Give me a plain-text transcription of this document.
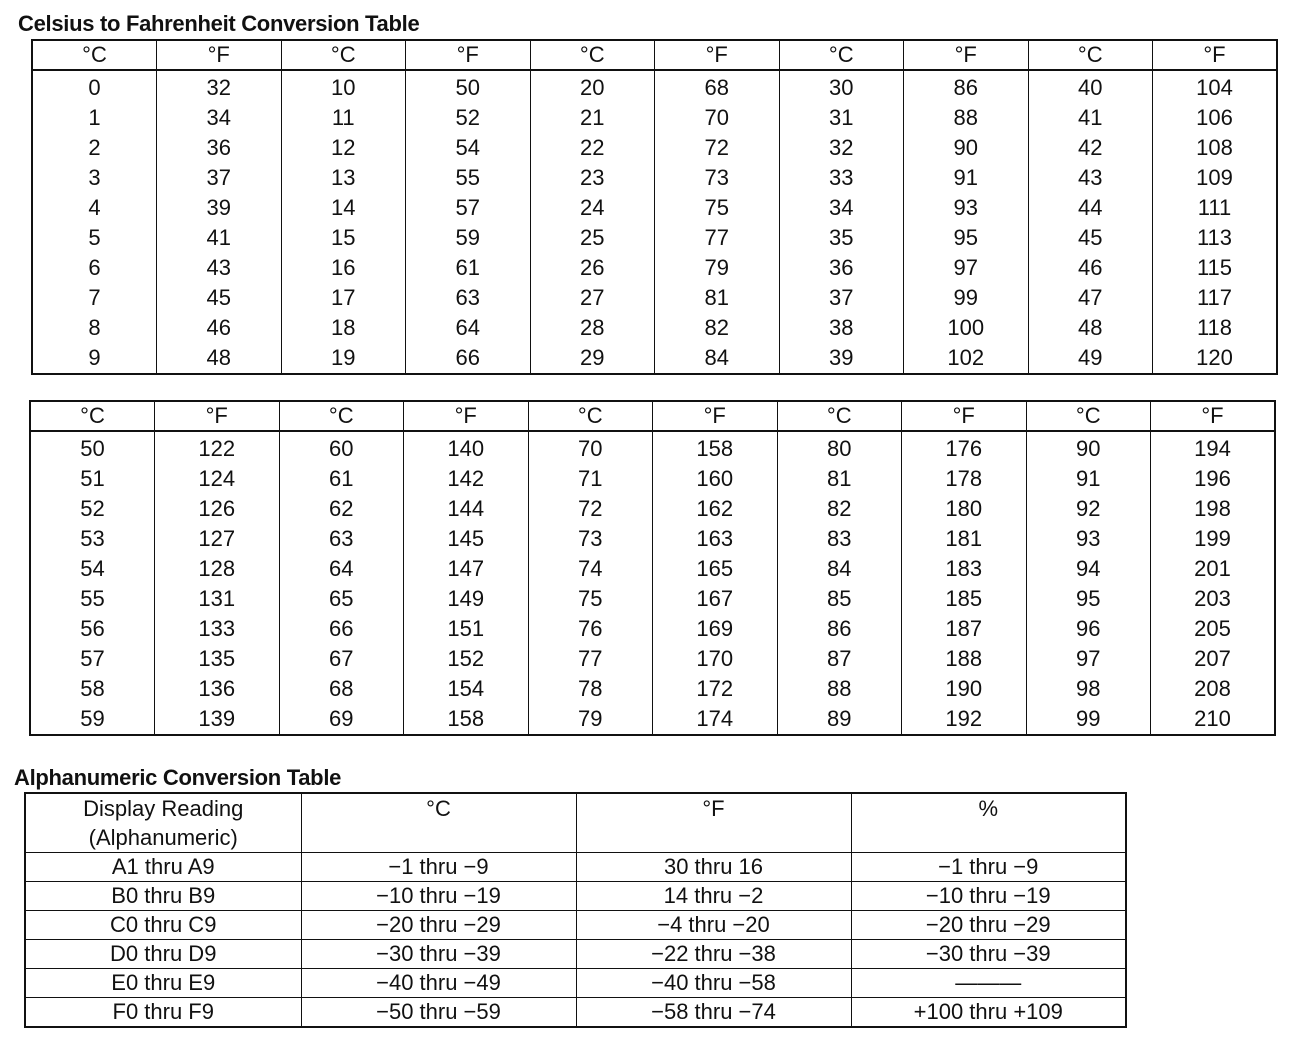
Celsius to Fahrenheit Conversion Table
°C	°F	°C	°F	°C	°F	°C	°F	°C	°F
0	32	10	50	20	68	30	86	40	104
1	34	11	52	21	70	31	88	41	106
2	36	12	54	22	72	32	90	42	108
3	37	13	55	23	73	33	91	43	109
4	39	14	57	24	75	34	93	44	111
5	41	15	59	25	77	35	95	45	113
6	43	16	61	26	79	36	97	46	115
7	45	17	63	27	81	37	99	47	117
8	46	18	64	28	82	38	100	48	118
9	48	19	66	29	84	39	102	49	120
°C	°F	°C	°F	°C	°F	°C	°F	°C	°F
50	122	60	140	70	158	80	176	90	194
51	124	61	142	71	160	81	178	91	196
52	126	62	144	72	162	82	180	92	198
53	127	63	145	73	163	83	181	93	199
54	128	64	147	74	165	84	183	94	201
55	131	65	149	75	167	85	185	95	203
56	133	66	151	76	169	86	187	96	205
57	135	67	152	77	170	87	188	97	207
58	136	68	154	78	172	88	190	98	208
59	139	69	158	79	174	89	192	99	210
Alphanumeric Conversion Table
Display Reading
(Alphanumeric)	°C	°F	%
A1 thru A9	−1 thru −9	30 thru 16	−1 thru −9
B0 thru B9	−10 thru −19	14 thru −2	−10 thru −19
C0 thru C9	−20 thru −29	−4 thru −20	−20 thru −29
D0 thru D9	−30 thru −39	−22 thru −38	−30 thru −39
E0 thru E9	−40 thru −49	−40 thru −58	———
F0 thru F9	−50 thru −59	−58 thru −74	+100 thru +109
